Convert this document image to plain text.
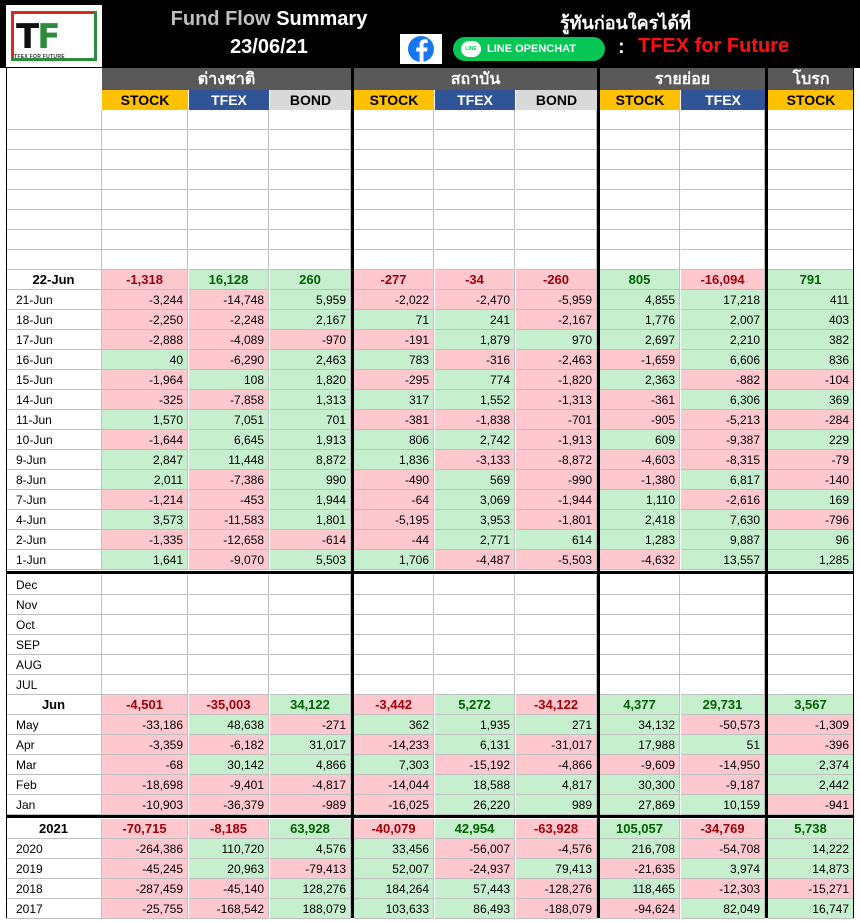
TF
TFEX FOR FUTURE
Fund Flow Summary
23/06/21
รู้ทันก่อนใครได้ที่
LINE LINE OPENCHAT	: TFEX for Future
ต่างชาติ	สถาบัน	รายย่อย	โบรก
STOCK	TFEX	BOND	STOCK	TFEX	BOND	STOCK	TFEX	STOCK
22-Jun	-1,318	16,128	260	-277	-34	-260	805	-16,094	791
21-Jun	-3,244	-14,748	5,959	-2,022	-2,470	-5,959	4,855	17,218	411
18-Jun	-2,250	-2,248	2,167	71	241	-2,167	1,776	2,007	403
17-Jun	-2,888	-4,089	-970	-191	1,879	970	2,697	2,210	382
16-Jun	40	-6,290	2,463	783	-316	-2,463	-1,659	6,606	836
15-Jun	-1,964	108	1,820	-295	774	-1,820	2,363	-882	-104
14-Jun	-325	-7,858	1,313	317	1,552	-1,313	-361	6,306	369
11-Jun	1,570	7,051	701	-381	-1,838	-701	-905	-5,213	-284
10-Jun	-1,644	6,645	1,913	806	2,742	-1,913	609	-9,387	229
9-Jun	2,847	11,448	8,872	1,836	-3,133	-8,872	-4,603	-8,315	-79
8-Jun	2,011	-7,386	990	-490	569	-990	-1,380	6,817	-140
7-Jun	-1,214	-453	1,944	-64	3,069	-1,944	1,110	-2,616	169
4-Jun	3,573	-11,583	1,801	-5,195	3,953	-1,801	2,418	7,630	-796
2-Jun	-1,335	-12,658	-614	-44	2,771	614	1,283	9,887	96
1-Jun	1,641	-9,070	5,503	1,706	-4,487	-5,503	-4,632	13,557	1,285
Dec
Nov
Oct
SEP
AUG
JUL
Jun	-4,501	-35,003	34,122	-3,442	5,272	-34,122	4,377	29,731	3,567
May	-33,186	48,638	-271	362	1,935	271	34,132	-50,573	-1,309
Apr	-3,359	-6,182	31,017	-14,233	6,131	-31,017	17,988	51	-396
Mar	-68	30,142	4,866	7,303	-15,192	-4,866	-9,609	-14,950	2,374
Feb	-18,698	-9,401	-4,817	-14,044	18,588	4,817	30,300	-9,187	2,442
Jan	-10,903	-36,379	-989	-16,025	26,220	989	27,869	10,159	-941
2021	-70,715	-8,185	63,928	-40,079	42,954	-63,928	105,057	-34,769	5,738
2020	-264,386	110,720	4,576	33,456	-56,007	-4,576	216,708	-54,708	14,222
2019	-45,245	20,963	-79,413	52,007	-24,937	79,413	-21,635	3,974	14,873
2018	-287,459	-45,140	128,276	184,264	57,443	-128,276	118,465	-12,303	-15,271
2017	-25,755	-168,542	188,079	103,633	86,493	-188,079	-94,624	82,049	16,747
